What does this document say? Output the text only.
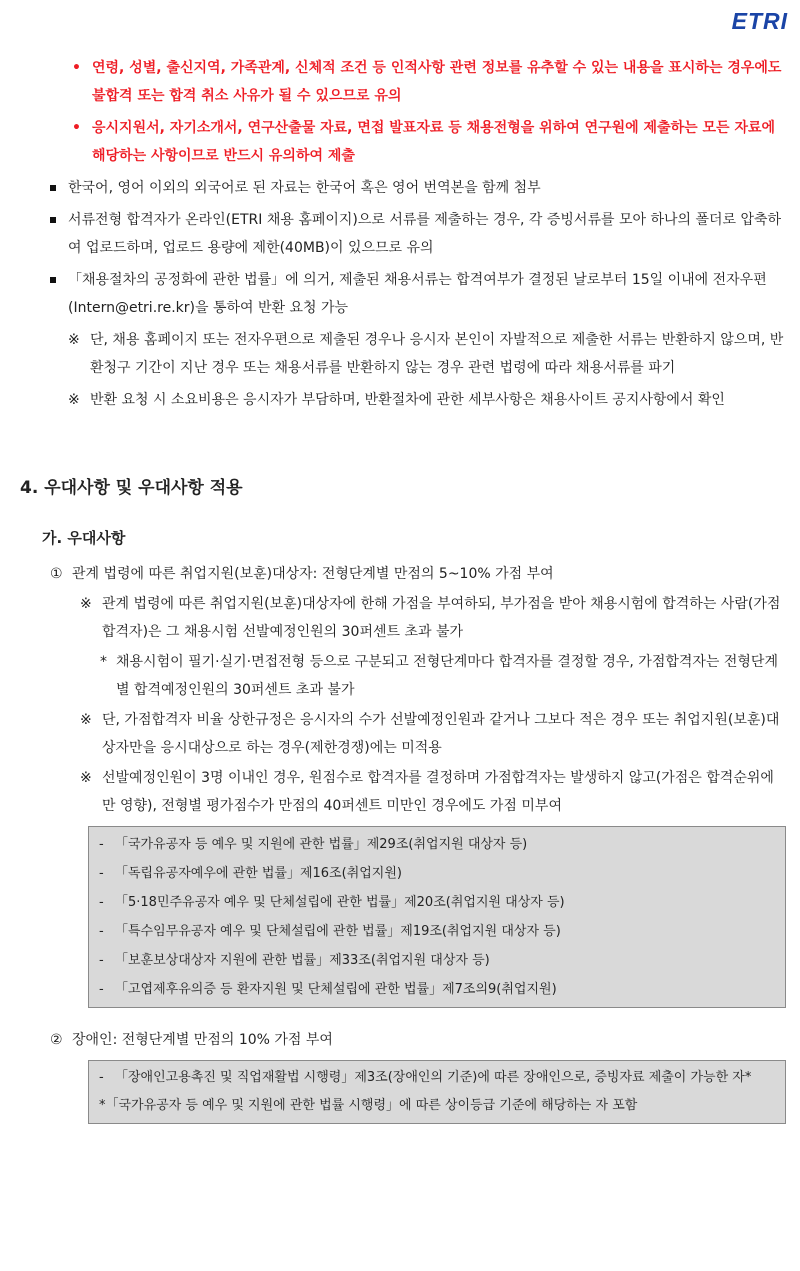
ETRI
• 연령, 성별, 출신지역, 가족관계, 신체적 조건 등 인적사항 관련 정보를 유추할 수 있는 내용을 표시하는 경우에도 불합격 또는 합격 취소 사유가 될 수 있으므로 유의
• 응시지원서, 자기소개서, 연구산출물 자료, 면접 발표자료 등 채용전형을 위하여 연구원에 제출하는 모든 자료에 해당하는 사항이므로 반드시 유의하여 제출
한국어, 영어 이외의 외국어로 된 자료는 한국어 혹은 영어 번역본을 함께 첨부
서류전형 합격자가 온라인(ETRI 채용 홈페이지)으로 서류를 제출하는 경우, 각 증빙서류를 모아 하나의 폴더로 압축하여 업로드하며, 업로드 용량에 제한(40MB)이 있으므로 유의
「채용절차의 공정화에 관한 법률」에 의거, 제출된 채용서류는 합격여부가 결정된 날로부터 15일 이내에 전자우편(Intern@etri.re.kr)을 통하여 반환 요청 가능
※ 단, 채용 홈페이지 또는 전자우편으로 제출된 경우나 응시자 본인이 자발적으로 제출한 서류는 반환하지 않으며, 반환청구 기간이 지난 경우 또는 채용서류를 반환하지 않는 경우 관련 법령에 따라 채용서류를 파기
※ 반환 요청 시 소요비용은 응시자가 부담하며, 반환절차에 관한 세부사항은 채용사이트 공지사항에서 확인
4. 우대사항 및 우대사항 적용
가. 우대사항
① 관계 법령에 따른 취업지원(보훈)대상자: 전형단계별 만점의 5~10% 가점 부여
※ 관계 법령에 따른 취업지원(보훈)대상자에 한해 가점을 부여하되, 부가점을 받아 채용시험에 합격하는 사람(가점합격자)은 그 채용시험 선발예정인원의 30퍼센트 초과 불가
* 채용시험이 필기·실기·면접전형 등으로 구분되고 전형단계마다 합격자를 결정할 경우, 가점합격자는 전형단계별 합격예정인원의 30퍼센트 초과 불가
※ 단, 가점합격자 비율 상한규정은 응시자의 수가 선발예정인원과 같거나 그보다 적은 경우 또는 취업지원(보훈)대상자만을 응시대상으로 하는 경우(제한경쟁)에는 미적용
※ 선발예정인원이 3명 이내인 경우, 원점수로 합격자를 결정하며 가점합격자는 발생하지 않고(가점은 합격순위에만 영향), 전형별 평가점수가 만점의 40퍼센트 미만인 경우에도 가점 미부여
- 「국가유공자 등 예우 및 지원에 관한 법률」제29조(취업지원 대상자 등)
- 「독립유공자예우에 관한 법률」제16조(취업지원)
- 「5·18민주유공자 예우 및 단체설립에 관한 법률」제20조(취업지원 대상자 등)
- 「특수임무유공자 예우 및 단체설립에 관한 법률」제19조(취업지원 대상자 등)
- 「보훈보상대상자 지원에 관한 법률」제33조(취업지원 대상자 등)
- 「고엽제후유의증 등 환자지원 및 단체설립에 관한 법률」제7조의9(취업지원)
② 장애인: 전형단계별 만점의 10% 가점 부여
- 「장애인고용촉진 및 직업재활법 시행령」제3조(장애인의 기준)에 따른 장애인으로, 증빙자료 제출이 가능한 자*
*「국가유공자 등 예우 및 지원에 관한 법률 시행령」에 따른 상이등급 기준에 해당하는 자 포함
